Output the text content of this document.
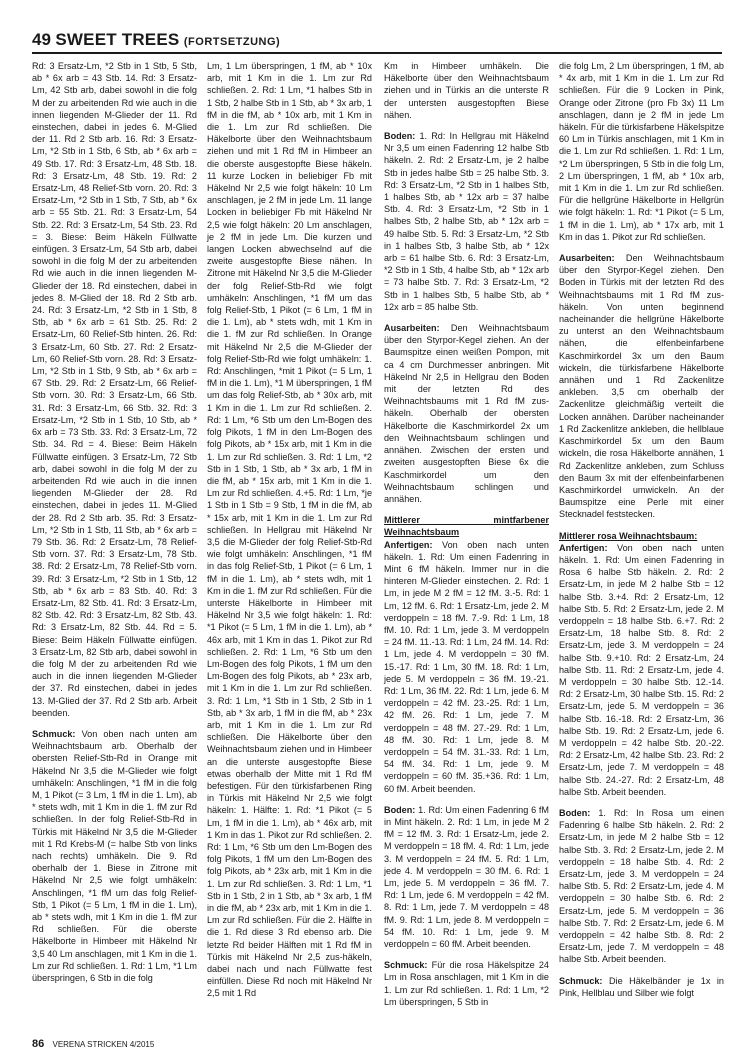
49 SWEET TREES (FORTSETZUNG)

Rd: 3 Ersatz-Lm, *2 Stb in 1 Stb, 5 Stb, ab * 6x arb = 43 Stb. 14. Rd: 3 Ersatz-Lm, 42 Stb arb, dabei sowohl in die folg M der zu arbeitenden Rd wie auch in die innen liegenden M-Glieder der 11. Rd einstechen, dabei in jedes 6. M-Glied der 11. Rd 2 Stb arb. 16. Rd: 3 Ersatz-Lm, *2 Stb in 1 Stb, 6 Stb, ab * 6x arb = 49 Stb. 17. Rd: 3 Ersatz-Lm, 48 Stb. 18. Rd: 3 Ersatz-Lm, 48 Stb. 19. Rd: 2 Ersatz-Lm, 48 Relief-Stb vorn. 20. Rd: 3 Ersatz-Lm, *2 Stb in 1 Stb, 7 Stb, ab * 6x arb = 55 Stb. 21. Rd: 3 Ersatz-Lm, 54 Stb. 22. Rd: 3 Ersatz-Lm, 54 Stb. 23. Rd = 3. Biese: Beim Häkeln Füllwatte einfügen. 3 Ersatz-Lm, 54 Stb arb, dabei sowohl in die folg M der zu arbeitenden Rd wie auch in die innen liegenden M-Glieder der 18. Rd einstechen, dabei in jedes 8. M-Glied der 18. Rd 2 Stb arb. 24. Rd: 3 Ersatz-Lm, *2 Stb in 1 Stb, 8 Stb, ab * 6x arb = 61 Stb. 25. Rd: 2 Ersatz-Lm, 60 Relief-Stb hinten. 26. Rd: 3 Ersatz-Lm, 60 Stb. 27. Rd: 2 Ersatz-Lm, 60 Relief-Stb vorn. 28. Rd: 3 Ersatz-Lm, *2 Stb in 1 Stb, 9 Stb, ab * 6x arb = 67 Stb. 29. Rd: 2 Ersatz-Lm, 66 Relief-Stb vorn. 30. Rd: 3 Ersatz-Lm, 66 Stb. 31. Rd: 3 Ersatz-Lm, 66 Stb. 32. Rd: 3 Ersatz-Lm, *2 Stb in 1 Stb, 10 Stb, ab * 6x arb = 73 Stb. 33. Rd: 3 Ersatz-Lm, 72 Stb. 34. Rd = 4. Biese: Beim Häkeln Füllwatte einfügen. 3 Ersatz-Lm, 72 Stb arb, dabei sowohl in die folg M der zu arbeitenden Rd wie auch in die innen liegenden M-Glieder der 28. Rd einstechen, dabei in jedes 11. M-Glied der 28. Rd 2 Stb arb. 35. Rd: 3 Ersatz-Lm, *2 Stb in 1 Stb, 11 Stb, ab * 6x arb = 79 Stb. 36. Rd: 2 Ersatz-Lm, 78 Relief-Stb vorn. 37. Rd: 3 Ersatz-Lm, 78 Stb. 38. Rd: 2 Ersatz-Lm, 78 Relief-Stb vorn. 39. Rd: 3 Ersatz-Lm, *2 Stb in 1 Stb, 12 Stb, ab * 6x arb = 83 Stb. 40. Rd: 3 Ersatz-Lm, 82 Stb. 41. Rd: 3 Ersatz-Lm, 82 Stb. 42. Rd: 3 Ersatz-Lm, 82 Stb. 43. Rd: 3 Ersatz-Lm, 82 Stb. 44. Rd = 5. Biese: Beim Häkeln Füllwatte einfügen. 3 Ersatz-Lm, 82 Stb arb, dabei sowohl in die folg M der zu arbeitenden Rd wie auch in die innen liegenden M-Glieder der 37. Rd einstechen, dabei in jedes 13. M-Glied der 37. Rd 2 Stb arb. Arbeit beenden.

Schmuck: Von oben nach unten am Weihnachtsbaum arb. Oberhalb der obersten Relief-Stb-Rd in Orange mit Häkelnd Nr 3,5 die M-Glieder wie folgt umhäkeln: Anschlingen, *1 fM in die folg M, 1 Pikot (= 3 Lm, 1 fM in die 1. Lm), ab * stets wdh, mit 1 Km in die 1. fM zur Rd schließen. In der folg Relief-Stb-Rd in Türkis mit Häkelnd Nr 3,5 die M-Glieder mit 1 Rd Krebs-M (= halbe Stb von links nach rechts) umhäkeln. Die 9. Rd oberhalb der 1. Biese in Zitrone mit Häkelnd Nr 2,5 wie folgt umhäkeln: Anschlingen, *1 fM um das folg Relief-Stb, 1 Pikot (= 5 Lm, 1 fM in die 1. Lm), ab * stets wdh, mit 1 Km in die 1. fM zur Rd schließen. Für die oberste Häkelborte in Himbeer mit Häkelnd Nr 3,5 40 Lm anschlagen, mit 1 Km in die 1. Lm zur Rd schließen. 1. Rd: 1 Lm, *1 Lm überspringen, 6 Stb in die folg

Lm, 1 Lm überspringen, 1 fM, ab * 10x arb, mit 1 Km in die 1. Lm zur Rd schließen. 2. Rd: 1 Lm, *1 halbes Stb in 1 Stb, 2 halbe Stb in 1 Stb, ab * 3x arb, 1 fM in die fM, ab * 10x arb, mit 1 Km in die 1. Lm zur Rd schließen. Die Häkelborte über den Weihnachtsbaum ziehen und mit 1 Rd fM in Himbeer an die oberste ausgestopfte Biese häkeln. 11 kurze Locken in beliebiger Fb mit Häkelnd Nr 2,5 wie folgt häkeln: 10 Lm anschlagen, je 2 fM in jede Lm. 11 lange Locken in beliebiger Fb mit Häkelnd Nr 2,5 wie folgt häkeln: 20 Lm anschlagen, je 2 fM in jede Lm. Die kurzen und langen Locken abwechselnd auf die zweite ausgestopfte Biese nähen. In Zitrone mit Häkelnd Nr 3,5 die M-Glieder der folg Relief-Stb-Rd wie folgt umhäkeln: Anschlingen, *1 fM um das folg Relief-Stb, 1 Pikot (= 6 Lm, 1 fM in die 1. Lm), ab * stets wdh, mit 1 Km in die 1. fM zur Rd schließen. In Orange mit Häkelnd Nr 2,5 die M-Glieder der folg Relief-Stb-Rd wie folgt umhäkeln: 1. Rd: Anschlingen, *mit 1 Pikot (= 5 Lm, 1 fM in die 1. Lm), *1 M überspringen, 1 fM um das folg Relief-Stb, ab * 30x arb, mit 1 Km in die 1. Lm zur Rd schließen. 2. Rd: 1 Lm, *6 Stb um den Lm-Bogen des folg Pikots, 1 fM in den Lm-Bogen des folg Pikots, ab * 15x arb, mit 1 Km in die 1. Lm zur Rd schließen. 3. Rd: 1 Lm, *2 Stb in 1 Stb, 1 Stb, ab * 3x arb, 1 fM in die fM, ab * 15x arb, mit 1 Km in die 1. Lm zur Rd schließen. 4.+5. Rd: 1 Lm, *je 1 Stb in 1 Stb = 9 Stb, 1 fM in die fM, ab * 15x arb, mit 1 Km in die 1. Lm zur Rd schließen. In Hellgrau mit Häkelnd Nr 3,5 die M-Glieder der folg Relief-Stb-Rd wie folgt umhäkeln: Anschlingen, *1 fM in das folg Relief-Stb, 1 Pikot (= 6 Lm, 1 fM in die 1. Lm), ab * stets wdh, mit 1 Km in die 1. fM zur Rd schließen. Für die unterste Häkelborte in Himbeer mit Häkelnd Nr 3,5 wie folgt häkeln: 1. Rd: *1 Pikot (= 5 Lm, 1 fM in die 1. Lm), ab * 46x arb, mit 1 Km in das 1. Pikot zur Rd schließen. 2. Rd: 1 Lm, *6 Stb um den Lm-Bogen des folg Pikots, 1 fM um den Lm-Bogen des folg Pikots, ab * 23x arb, mit 1 Km in die 1. Lm zur Rd schließen. 3. Rd: 1 Lm, *1 Stb in 1 Stb, 2 Stb in 1 Stb, ab * 3x arb, 1 fM in die fM, ab * 23x arb, mit 1 Km in die 1. Lm zur Rd schließen. Die Häkelborte über den Weihnachtsbaum ziehen und in Himbeer an die unterste ausgestopfte Biese etwas oberhalb der Mitte mit 1 Rd fM befestigen. Für den türkisfarbenen Ring in Türkis mit Häkelnd Nr 2,5 wie folgt häkeln: 1. Hälfte: 1. Rd: *1 Pikot (= 5 Lm, 1 fM in die 1. Lm), ab * 46x arb, mit 1 Km in das 1. Pikot zur Rd schließen. 2. Rd: 1 Lm, *6 Stb um den Lm-Bogen des folg Pikots, 1 fM um den Lm-Bogen des folg Pikots, ab * 23x arb, mit 1 Km in die 1. Lm zur Rd schließen. 3. Rd: 1 Lm, *1 Stb in 1 Stb, 2 in 1 Stb, ab * 3x arb, 1 fM in die fM, ab * 23x arb, mit 1 Km in die 1. Lm zur Rd schließen. Für die 2. Hälfte in die 1. Rd diese 3 Rd ebenso arb. Die letzte Rd beider Hälften mit 1 Rd fM in Türkis mit Häkelnd Nr 2,5 zus-häkeln, dabei nach und nach Füllwatte fest einfüllen. Diese Rd noch mit Häkelnd Nr 2,5 mit 1 Rd

Km in Himbeer umhäkeln. Die Häkelborte über den Weihnachtsbaum ziehen und in Türkis an die unterste R der untersten ausgestopften Biese nähen.

Boden: 1. Rd: In Hellgrau mit Häkelnd Nr 3,5 um einen Fadenring 12 halbe Stb häkeln. 2. Rd: 2 Ersatz-Lm, je 2 halbe Stb in jedes halbe Stb = 25 halbe Stb. 3. Rd: 3 Ersatz-Lm, *2 Stb in 1 halbes Stb, 1 halbes Stb, ab * 12x arb = 37 halbe Stb. 4. Rd: 3 Ersatz-Lm, *2 Stb in 1 halbes Stb, 2 halbe Stb, ab * 12x arb = 49 halbe Stb. 5. Rd: 3 Ersatz-Lm, *2 Stb in 1 halbes Stb, 3 halbe Stb, ab * 12x arb = 61 halbe Stb. 6. Rd: 3 Ersatz-Lm, *2 Stb in 1 Stb, 4 halbe Stb, ab * 12x arb = 73 halbe Stb. 7. Rd: 3 Ersatz-Lm, *2 Stb in 1 halbes Stb, 5 halbe Stb, ab * 12x arb = 85 halbe Stb.

Ausarbeiten: Den Weihnachtsbaum über den Styrpor-Kegel ziehen. An der Baumspitze einen weißen Pompon, mit ca 4 cm Durchmesser anbringen. Mit Häkelnd Nr 2,5 in Hellgrau den Boden mit der letzten Rd des Weihnachtsbaums mit 1 Rd fM zus-häkeln. Oberhalb der obersten Häkelborte die Kaschmirkordel 2x um den Weihnachtsbaum schlingen und annähen. Zwischen der ersten und zweiten ausgestopften Biese 6x die Kaschmirkordel um den Weihnachtsbaum schlingen und annähen.

Mittlerer mintfarbener Weihnachtsbaum

Anfertigen: Von oben nach unten häkeln. 1. Rd: Um einen Fadenring in Mint 6 fM häkeln. Immer nur in die hinteren M-Glieder einstechen. 2. Rd: 1 Lm, in jede M 2 fM = 12 fM. 3.-5. Rd: 1 Lm, 12 fM. 6. Rd: 1 Ersatz-Lm, jede 2. M verdoppeln = 18 fM. 7.-9. Rd: 1 Lm, 18 fM. 10. Rd: 1 Lm, jede 3. M verdoppeln = 24 fM. 11.-13. Rd: 1 Lm, 24 fM. 14. Rd: 1 Lm, jede 4. M verdoppeln = 30 fM. 15.-17. Rd: 1 Lm, 30 fM. 18. Rd: 1 Lm, jede 5. M verdoppeln = 36 fM. 19.-21. Rd: 1 Lm, 36 fM. 22. Rd: 1 Lm, jede 6. M verdoppeln = 42 fM. 23.-25. Rd: 1 Lm, 42 fM. 26. Rd: 1 Lm, jede 7. M verdoppeln = 48 fM. 27.-29. Rd: 1 Lm, 48 fM. 30. Rd: 1 Lm, jede 8. M verdoppeln = 54 fM. 31.-33. Rd: 1 Lm, 54 fM. 34. Rd: 1 Lm, jede 9. M verdoppeln = 60 fM. 35.+36. Rd: 1 Lm, 60 fM. Arbeit beenden.

Boden: 1. Rd: Um einen Fadenring 6 fM in Mint häkeln. 2. Rd: 1 Lm, in jede M 2 fM = 12 fM. 3. Rd: 1 Ersatz-Lm, jede 2. M verdoppeln = 18 fM. 4. Rd: 1 Lm, jede 3. M verdoppeln = 24 fM. 5. Rd: 1 Lm, jede 4. M verdoppeln = 30 fM. 6. Rd: 1 Lm, jede 5. M verdoppeln = 36 fM. 7. Rd: 1 Lm, jede 6. M verdoppeln = 42 fM. 8. Rd: 1 Lm, jede 7. M verdoppeln = 48 fM. 9. Rd: 1 Lm, jede 8. M verdoppeln = 54 fM. 10. Rd: 1 Lm, jede 9. M verdoppeln = 60 fM. Arbeit beenden.

Schmuck: Für die rosa Häkelspitze 24 Lm in Rosa anschlagen, mit 1 Km in die 1. Lm zur Rd schließen. 1. Rd: 1 Lm, *2 Lm überspringen, 5 Stb in

die folg Lm, 2 Lm überspringen, 1 fM, ab * 4x arb, mit 1 Km in die 1. Lm zur Rd schließen. Für die 9 Locken in Pink, Orange oder Zitrone (pro Fb 3x) 11 Lm anschlagen, dann je 2 fM in jede Lm häkeln. Für die türkisfarbene Häkelspitze 60 Lm in Türkis anschlagen, mit 1 Km in die 1. Lm zur Rd schließen. 1. Rd: 1 Lm, *2 Lm überspringen, 5 Stb in die folg Lm, 2 Lm überspringen, 1 fM, ab * 10x arb, mit 1 Km in die 1. Lm zur Rd schließen. Für die hellgrüne Häkelborte in Hellgrün wie folgt häkeln: 1. Rd: *1 Pikot (= 5 Lm, 1 fM in die 1. Lm), ab * 17x arb, mit 1 Km in das 1. Pikot zur Rd schließen.

Ausarbeiten: Den Weihnachtsbaum über den Styrpor-Kegel ziehen. Den Boden in Türkis mit der letzten Rd des Weihnachtsbaums mit 1 Rd fM zus-häkeln. Von unten beginnend nacheinander die hellgrüne Häkelborte zu unterst an den Weihnachtsbaum nähen, die elfenbeinfarbene Kaschmirkordel 3x um den Baum wickeln, die türkisfarbene Häkelborte annähen und 1 Rd Zackenlitze ankleben. 3,5 cm oberhalb der Zackenlitze gleichmäßig verteilt die Locken annähen. Darüber nacheinander 1 Rd Zackenlitze ankleben, die hellblaue Kaschmirkordel 5x um den Baum wickeln, die rosa Häkelborte annähen, 1 Rd Zackenlitze ankleben, zum Schluss den Baum 3x mit der elfenbeinfarbenen Kaschmirkordel umwickeln. An der Baumspitze eine Perle mit einer Stecknadel feststecken.

Mittlerer rosa Weihnachtsbaum:

Anfertigen: Von oben nach unten häkeln. 1. Rd: Um einen Fadenring in Rosa 6 halbe Stb häkeln. 2. Rd: 2 Ersatz-Lm, in jede M 2 halbe Stb = 12 halbe Stb. 3.+4. Rd: 2 Ersatz-Lm, 12 halbe Stb. 5. Rd: 2 Ersatz-Lm, jede 2. M verdoppeln = 18 halbe Stb. 6.+7. Rd: 2 Ersatz-Lm, 18 halbe Stb. 8. Rd: 2 Ersatz-Lm, jede 3. M verdoppeln = 24 halbe Stb. 9.+10. Rd: 2 Ersatz-Lm, 24 halbe Stb. 11. Rd: 2 Ersatz-Lm, jede 4. M verdoppeln = 30 halbe Stb. 12.-14. Rd: 2 Ersatz-Lm, 30 halbe Stb. 15. Rd: 2 Ersatz-Lm, jede 5. M verdoppeln = 36 halbe Stb. 16.-18. Rd: 2 Ersatz-Lm, 36 halbe Stb. 19. Rd: 2 Ersatz-Lm, jede 6. M verdoppeln = 42 halbe Stb. 20.-22. Rd: 2 Ersatz-Lm, 42 halbe Stb. 23. Rd: 2 Ersatz-Lm, jede 7. M verdoppeln = 48 halbe Stb. 24.-27. Rd: 2 Ersatz-Lm, 48 halbe Stb. Arbeit beenden.

Boden: 1. Rd: In Rosa um einen Fadenring 6 halbe Stb häkeln. 2. Rd: 2 Ersatz-Lm, in jede M 2 halbe Stb = 12 halbe Stb. 3. Rd: 2 Ersatz-Lm, jede 2. M verdoppeln = 18 halbe Stb. 4. Rd: 2 Ersatz-Lm, jede 3. M verdoppeln = 24 halbe Stb. 5. Rd: 2 Ersatz-Lm, jede 4. M verdoppeln = 30 halbe Stb. 6. Rd: 2 Ersatz-Lm, jede 5. M verdoppeln = 36 halbe Stb. 7. Rd: 2 Ersatz-Lm, jede 6. M verdoppeln = 42 halbe Stb. 8. Rd: 2 Ersatz-Lm, jede 7. M verdoppeln = 48 halbe Stb. Arbeit beenden.

Schmuck: Die Häkelbänder je 1x in Pink, Hellblau und Silber wie folgt

86 VERENA STRICKEN 4/2015
